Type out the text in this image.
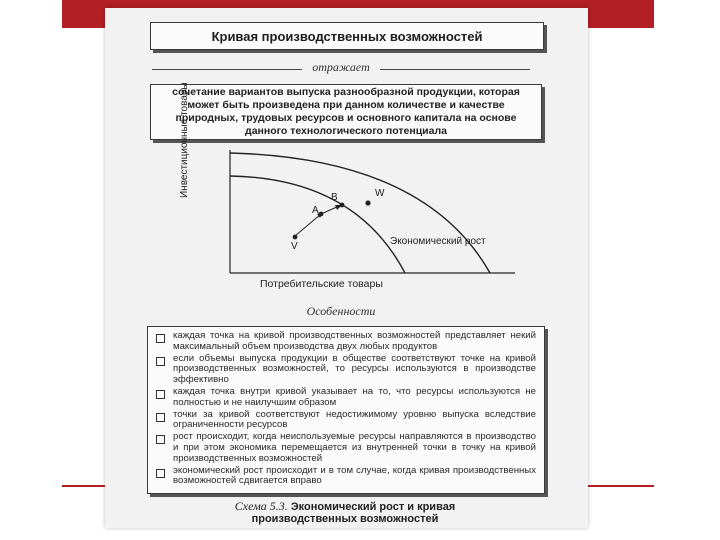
Кривая производственных возможностей
отражает
сочетание вариантов выпуска разнообразной продукции, которая может быть произведена при данном количестве и качестве природных, трудовых ресурсов и основного капитала на основе данного технологического потенциала
Инвестиционные товары
A
B	W
V	Экономический рост
Потребительские товары
Особенности
каждая точка на кривой производственных возможностей представляет некий максимальный объем производства двух любых продуктов
если объемы выпуска продукции в обществе соответствуют точке на кривой производственных возможностей, то ресурсы используются в производстве эффективно
каждая точка внутри кривой указывает на то, что ресурсы используются не полностью и не наилучшим образом
точки за кривой соответствуют недостижимому уровню выпуска вследствие ограниченности ресурсов
рост происходит, когда неиспользуемые ресурсы направляются в производство и при этом экономика перемещается из внутренней точки в точку на кривой производственных возможностей
экономический рост происходит и в том случае, когда кривая производственных возможностей сдвигается вправо
Схема 5.3. Экономический рост и кривая производственных возможностей
